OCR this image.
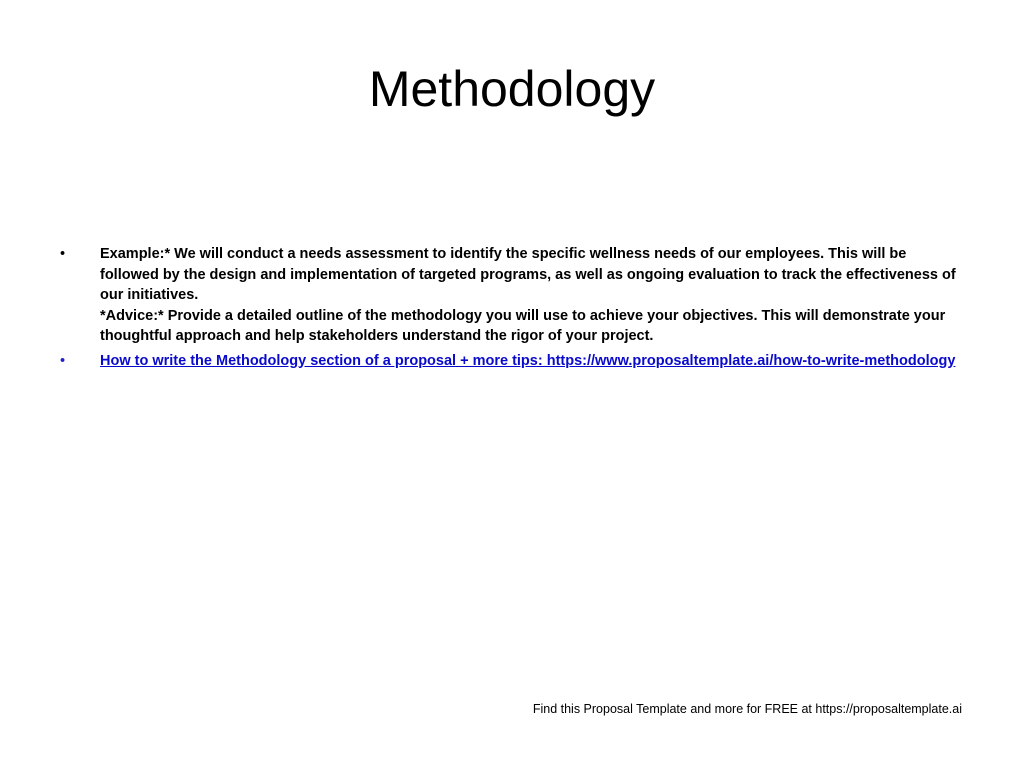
Methodology
• Example:* We will conduct a needs assessment to identify the specific wellness needs of our employees. This will be followed by the design and implementation of targeted programs, as well as ongoing evaluation to track the effectiveness of our initiatives.
*Advice:* Provide a detailed outline of the methodology you will use to achieve your objectives. This will demonstrate your thoughtful approach and help stakeholders understand the rigor of your project.
• How to write the Methodology section of a proposal + more tips: https://www.proposaltemplate.ai/how-to-write-methodology
Find this Proposal Template and more for FREE at https://proposaltemplate.ai
